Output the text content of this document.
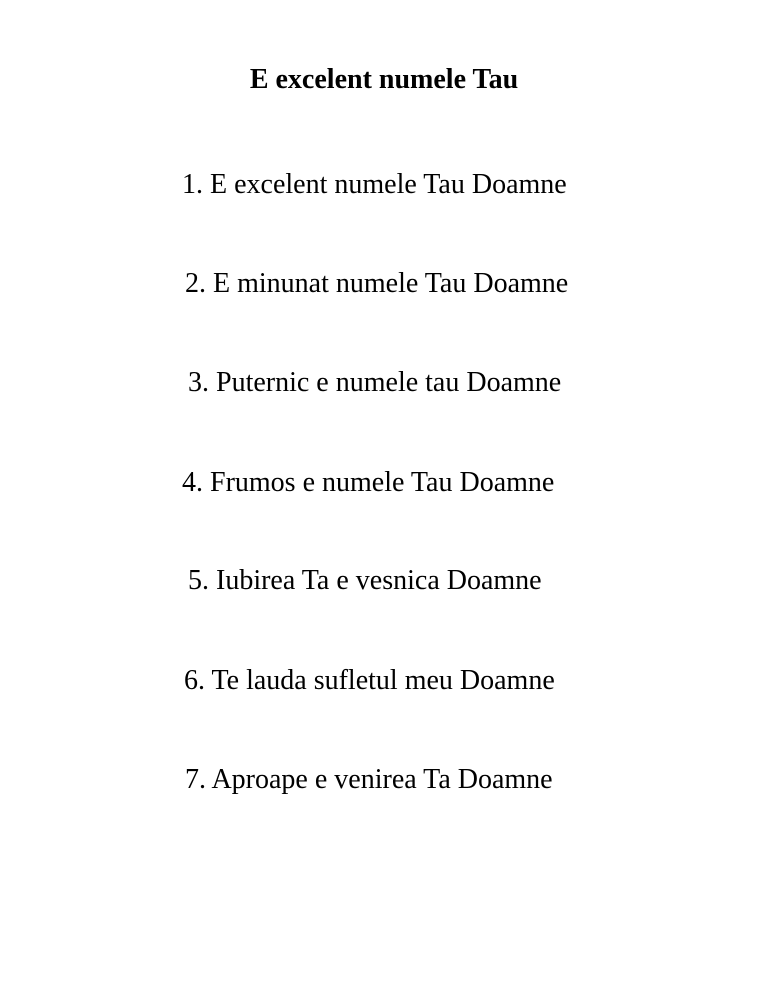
E excelent numele Tau
1. E excelent numele Tau Doamne
2. E minunat numele Tau Doamne
3. Puternic e numele tau Doamne
4. Frumos e numele Tau Doamne
5. Iubirea Ta e vesnica Doamne
6. Te lauda sufletul meu Doamne
7. Aproape e venirea Ta Doamne
